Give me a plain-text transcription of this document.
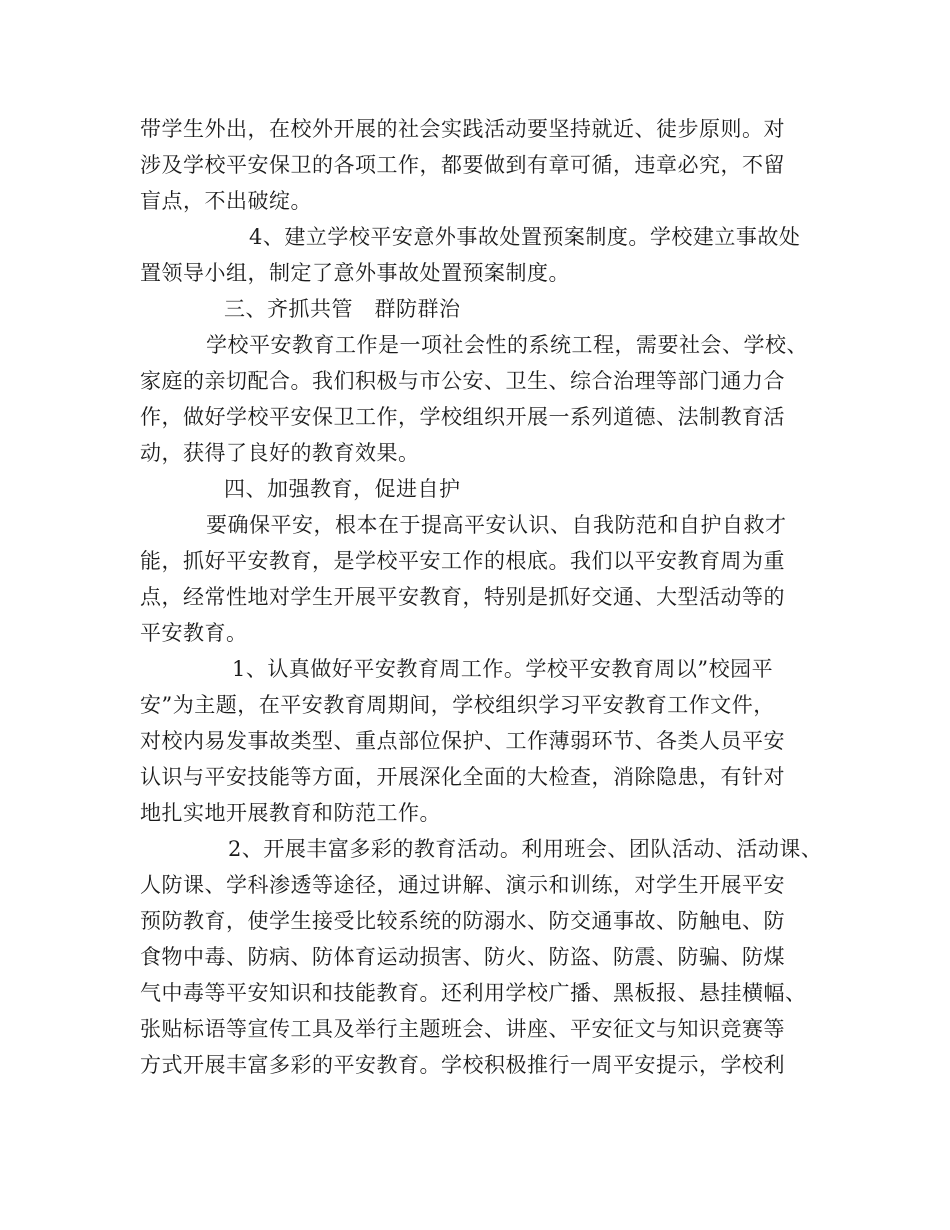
带学生外出，在校外开展的社会实践活动要坚持就近、徒步原则。对
涉及学校平安保卫的各项工作，都要做到有章可循，违章必究，不留
盲点，不出破绽。
4、建立学校平安意外事故处置预案制度。学校建立事故处
置领导小组，制定了意外事故处置预案制度。
三、齐抓共管　群防群治
学校平安教育工作是一项社会性的系统工程，需要社会、学校、
家庭的亲切配合。我们积极与市公安、卫生、综合治理等部门通力合
作，做好学校平安保卫工作，学校组织开展一系列道德、法制教育活
动，获得了良好的教育效果。
四、加强教育，促进自护
要确保平安，根本在于提高平安认识、自我防范和自护自救才
能，抓好平安教育，是学校平安工作的根底。我们以平安教育周为重
点，经常性地对学生开展平安教育，特别是抓好交通、大型活动等的
平安教育。
1、认真做好平安教育周工作。学校平安教育周以”校园平
安”为主题，在平安教育周期间，学校组织学习平安教育工作文件，
对校内易发事故类型、重点部位保护、工作薄弱环节、各类人员平安
认识与平安技能等方面，开展深化全面的大检查，消除隐患，有针对
地扎实地开展教育和防范工作。
2、开展丰富多彩的教育活动。利用班会、团队活动、活动课、
人防课、学科渗透等途径，通过讲解、演示和训练，对学生开展平安
预防教育，使学生接受比较系统的防溺水、防交通事故、防触电、防
食物中毒、防病、防体育运动损害、防火、防盗、防震、防骗、防煤
气中毒等平安知识和技能教育。还利用学校广播、黑板报、悬挂横幅、
张贴标语等宣传工具及举行主题班会、讲座、平安征文与知识竞赛等
方式开展丰富多彩的平安教育。学校积极推行一周平安提示，学校利
